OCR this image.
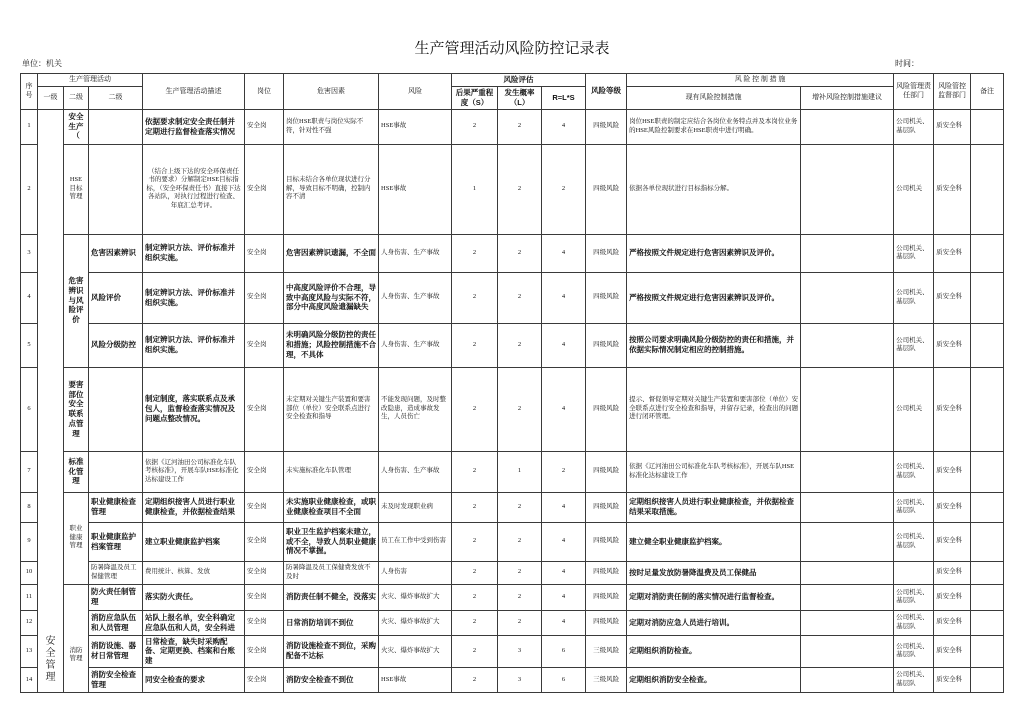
生产管理活动风险防控记录表
单位：机关	时间：
序号	生产管理活动			生产管理活动描述	岗位	危害因素	风险	风险评估			风险等级	风 险 控 制 措 施		风险管理责任部门	风险管控监督部门	备注
	一级	二级	二级					后果严重程度（S）	发生概率（L）	R=L*S		现有风险控制措施	增补风险控制措施建议			
1	安全管理	安全生产（		依据要求制定安全责任制并定期进行监督检查落实情况	安全岗	岗位HSE职责与岗位实际不符，针对性不强	HSE事故	2	2	4	四级风险	岗位HSE职责的制定应结合各岗位业务特点并及本岗位业务的HSE风险控制要求在HSE职责中进行明确。		公司机关、基层队	质安全科	
2		HSE目标管理		（结合上级下达的安全环保责任书的要求）分解制定HSE目标指标，（安全环保责任书）直接下达各站队，对执行过程进行检查、年底汇总考评。	安全岗	目标未结合各单位现状进行分解，导致目标不明确，控制内容不清	HSE事故	1	2	2	四级风险	依据各单位现状进行目标指标分解。		公司机关	质安全科	
3		危害辨识与风险评价	危害因素辨识	制定辨识方法、评价标准并组织实施。	安全岗	危害因素辨识遗漏，不全面	人身伤害、生产事故	2	2	4	四级风险	严格按照文件规定进行危害因素辨识及评价。		公司机关、基层队	质安全科	
4			风险评价	制定辨识方法、评价标准并组织实施。	安全岗	中高度风险评价不合理，导致中高度风险与实际不符，部分中高度风险遗漏缺失	人身伤害、生产事故	2	2	4	四级风险	严格按照文件规定进行危害因素辨识及评价。		公司机关、基层队	质安全科	
5			风险分级防控	制定辨识方法、评价标准并组织实施。	安全岗	未明确风险分级防控的责任和措施；风险控制措施不合理，不具体	人身伤害、生产事故	2	2	4	四级风险	按照公司要求明确风险分级防控的责任和措施，并依据实际情况制定相应的控制措施。		公司机关、基层队	质安全科	
6		要害部位安全联系点管理		制定制度，落实联系点及承包人，监督检查落实情况及问题点整改情况。	安全岗	未定期对关键生产装置和要害部位（单位）安全联系点进行安全检查和指导	不能发现问题，及时整改隐患，造成事故发生，人员伤亡	2	2	4	四级风险	提示、督促领导定期对关键生产装置和要害部位（单位）安全联系点进行安全检查和指导，并留存记录，检查出的问题进行闭环管理。		公司机关	质安全科	
7		标准化管理		依据《辽河油田公司标准化车队考核标准》，开展车队HSE标准化达标建设工作	安全岗	未实施标准化车队管理	人身伤害、生产事故	2	1	2	四级风险	依据《辽河油田公司标准化车队考核标准》，开展车队HSE标准化达标建设工作		公司机关、基层队	质安全科	
8		职业健康管理	职业健康检查管理	定期组织接害人员进行职业健康检查，并依据检查结果	安全岗	未实施职业健康检查，或职业健康检查项目不全面	未及时发现职业病	2	2	4	四级风险	定期组织接害人员进行职业健康检查，并依据检查结果采取措施。		公司机关、基层队	质安全科	
9			职业健康监护档案管理	建立职业健康监护档案	安全岗	职业卫生监护档案未建立，或不全，导致人员职业健康情况不掌握。	员工在工作中受到伤害	2	2	4	四级风险	建立健全职业健康监护档案。		公司机关、基层队	质安全科	
10			防暑降温及员工保健管理	费用统计、核算、发放	安全岗	防暑降温及员工保健费发放不及时	人身伤害	2	2	4	四级风险	按时足量发放防暑降温费及员工保健品			质安全科	
11		消防管理	防火责任制管理	落实防火责任。	安全岗	消防责任制不健全，没落实	火灾、爆炸事故扩大	2	2	4	四级风险	定期对消防责任制的落实情况进行监督检查。		公司机关、基层队	质安全科	
12			消防应急队伍和人员管理	站队上报名单，安全科确定应急队伍和人员，安全科进	安全岗	日常消防培训不到位	火灾、爆炸事故扩大	2	2	4	四级风险	定期对消防应急人员进行培训。		公司机关、基层队	质安全科	
13			消防设施、器材日常管理	日常检查，缺失时采购配备、定期更换、档案和台账建	安全岗	消防设施检查不到位，采购配备不达标	火灾、爆炸事故扩大	2	3	6	三级风险	定期组织消防检查。		公司机关、基层队	质安全科	
14			消防安全检查管理	同安全检查的要求	安全岗	消防安全检查不到位	HSE事故	2	3	6	三级风险	定期组织消防安全检查。		公司机关、基层队	质安全科	
